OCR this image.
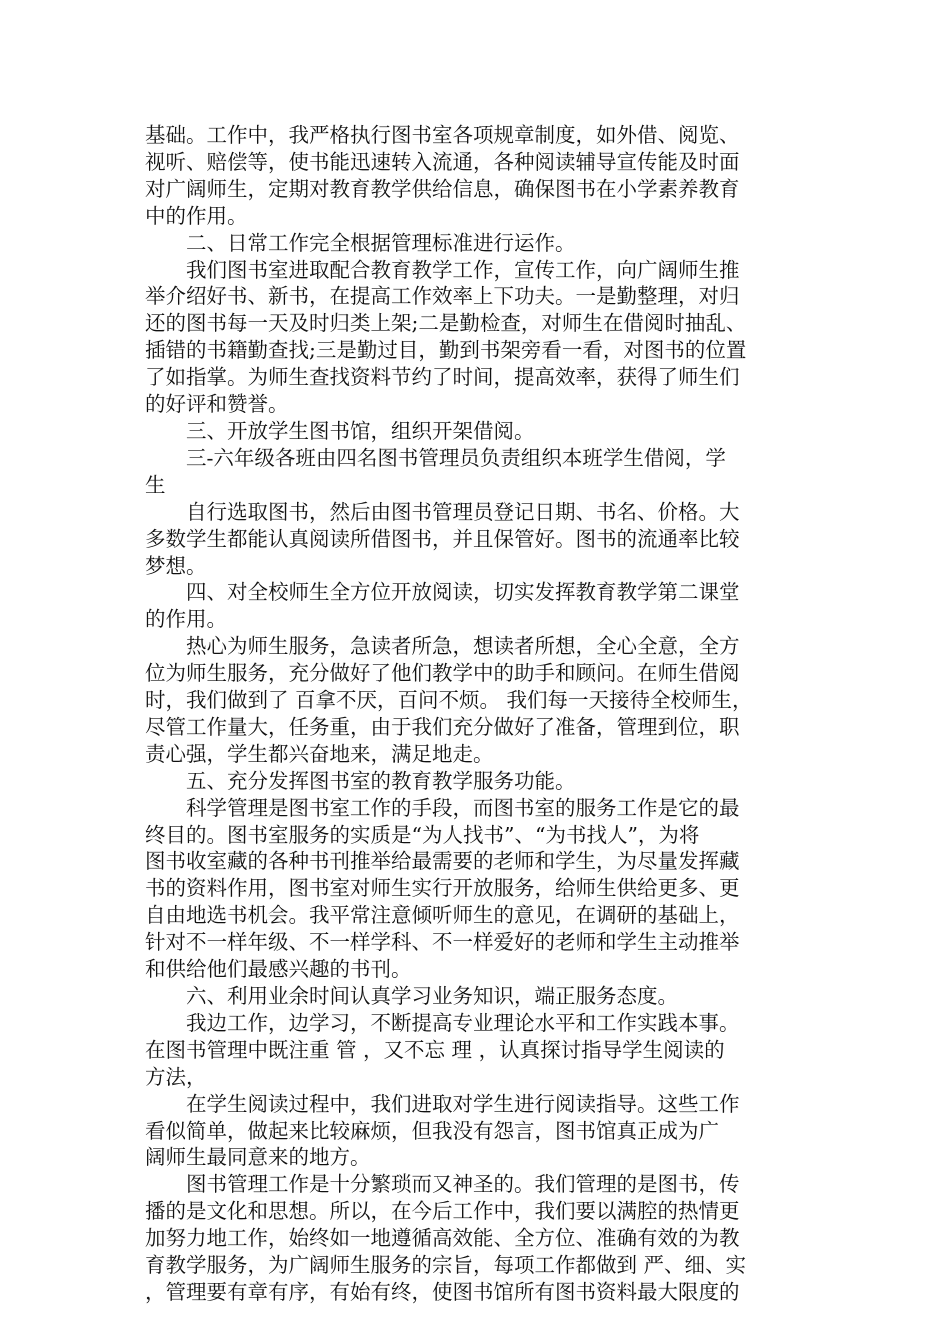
基础。工作中，我严格执行图书室各项规章制度，如外借、阅览、

视听、赔偿等，使书能迅速转入流通，各种阅读辅导宣传能及时面

对广阔师生，定期对教育教学供给信息，确保图书在小学素养教育

中的作用。

　　二、日常工作完全根据管理标准进行运作。

　　我们图书室进取配合教育教学工作，宣传工作，向广阔师生推

举介绍好书、新书，在提高工作效率上下功夫。一是勤整理，对归

还的图书每一天及时归类上架;二是勤检查，对师生在借阅时抽乱、

插错的书籍勤查找;三是勤过目，勤到书架旁看一看，对图书的位置

了如指掌。为师生查找资料节约了时间，提高效率，获得了师生们

的好评和赞誉。

　　三、开放学生图书馆，组织开架借阅。

　　三-六年级各班由四名图书管理员负责组织本班学生借阅，学

生

　　自行选取图书，然后由图书管理员登记日期、书名、价格。大

多数学生都能认真阅读所借图书，并且保管好。图书的流通率比较

梦想。

　　四、对全校师生全方位开放阅读，切实发挥教育教学第二课堂

的作用。

　　热心为师生服务，急读者所急，想读者所想，全心全意，全方

位为师生服务，充分做好了他们教学中的助手和顾问。在师生借阅

时，我们做到了 百拿不厌，百问不烦。 我们每一天接待全校师生，

尽管工作量大，任务重，由于我们充分做好了准备，管理到位，职

责心强，学生都兴奋地来，满足地走。

　　五、充分发挥图书室的教育教学服务功能。

　　科学管理是图书室工作的手段，而图书室的服务工作是它的最

终目的。图书室服务的实质是“为人找书”、“为书找人”，为将

图书收室藏的各种书刊推举给最需要的老师和学生，为尽量发挥藏

书的资料作用，图书室对师生实行开放服务，给师生供给更多、更

自由地选书机会。我平常注意倾听师生的意见，在调研的基础上，

针对不一样年级、不一样学科、不一样爱好的老师和学生主动推举

和供给他们最感兴趣的书刊。

　　六、利用业余时间认真学习业务知识，端正服务态度。

　　我边工作，边学习，不断提高专业理论水平和工作实践本事。

在图书管理中既注重 管 ，又不忘 理 ，认真探讨指导学生阅读的

方法，

　　在学生阅读过程中，我们进取对学生进行阅读指导。这些工作

看似简单，做起来比较麻烦，但我没有怨言，图书馆真正成为广

阔师生最同意来的地方。

　　图书管理工作是十分繁琐而又神圣的。我们管理的是图书，传

播的是文化和思想。所以，在今后工作中，我们要以满腔的热情更

加努力地工作，始终如一地遵循高效能、全方位、准确有效的为教

育教学服务，为广阔师生服务的宗旨，每项工作都做到 严、细、实

，管理要有章有序，有始有终，使图书馆所有图书资料最大限度的
